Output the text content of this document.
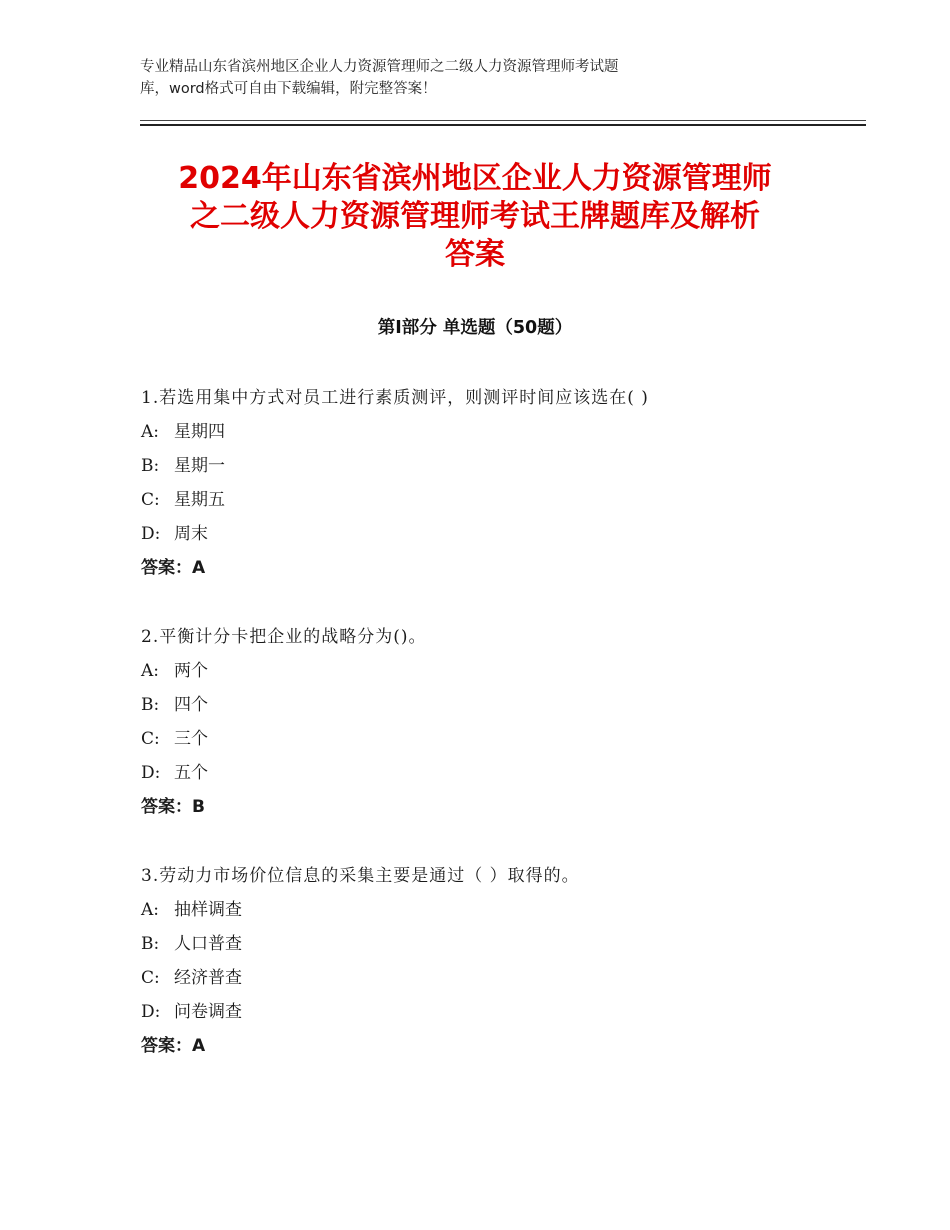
专业精品山东省滨州地区企业人力资源管理师之二级人力资源管理师考试题
库，word格式可自由下载编辑，附完整答案！
2024年山东省滨州地区企业人力资源管理师
之二级人力资源管理师考试王牌题库及解析
答案
第Ⅰ部分 单选题（50题）
1.若选用集中方式对员工进行素质测评，则测评时间应该选在( )
A: 星期四
B: 星期一
C: 星期五
D: 周末
答案：A
2.平衡计分卡把企业的战略分为()。
A: 两个
B: 四个
C: 三个
D: 五个
答案：B
3.劳动力市场价位信息的采集主要是通过（ ）取得的。
A: 抽样调查
B: 人口普查
C: 经济普查
D: 问卷调查
答案：A
